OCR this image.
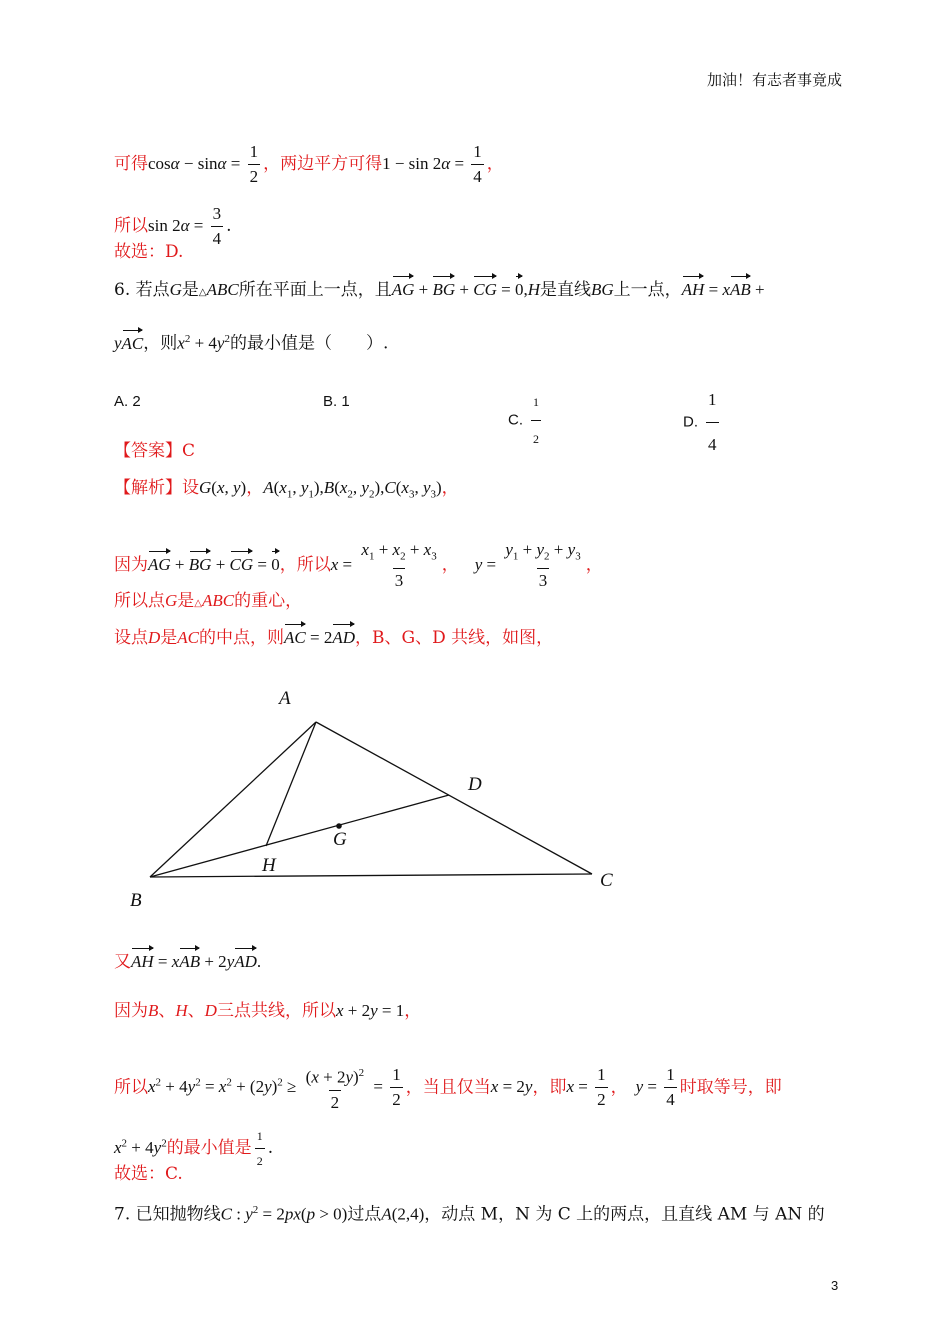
加油！有志者事竟成
可得$\cos\alpha - \sin\alpha = \frac{1}{2}$ ，两边平方可得$1 - \sin 2\alpha = \frac{1}{4}$ ，
所以$\sin 2\alpha = \frac{3}{4}$ .
故选：D.
6. 若点G是△ABC所在平面上一点，且AG + BG + CG = 0,H是直线BG上一点，AH = xAB +
yAC，则$x^2 + 4y^2$的最小值是（　　）.
A. 2	B. 1
C. $\frac{1}{2}$	D. $\frac{1}{4}$
【答案】C
【解析】设G(x, y)，$A(x_1$, $y_1),B(x_2$, $y_2),C(x_3$, $y_3$)，
因为AG + BG + CG = 0，所以$x = \frac{x_1 + x_2 + x_3}{3}$ ， $y = \frac{y_1 + y_2 + y_3}{3}$ ，
所以点G是△ABC的重心，
设点D是AC的中点，则AC = 2AD，B、G、D 共线，如图，
A
B
C
D
G
H
又AH = xAB + 2yAD.
因为B、H、D三点共线，所以x + 2y = 1，
所以$x^2 + 4y^2 = x^2 + (2y)^2 \ge \frac{(x + 2y)^2}{2} = \frac{1}{2}$ ，当且仅当x = 2y，即$x = \frac{1}{2}$ ， $y = \frac{1}{4}$ 时取等号，即
$x^2 + 4y^2$的最小值是 $\frac{1}{2}$ .
故选：C.
7. 已知抛物线C : $y^2 = 2px(p > 0)$过点A(2,4)，动点 M，N 为 C 上的两点，且直线 AM 与 AN 的
3
